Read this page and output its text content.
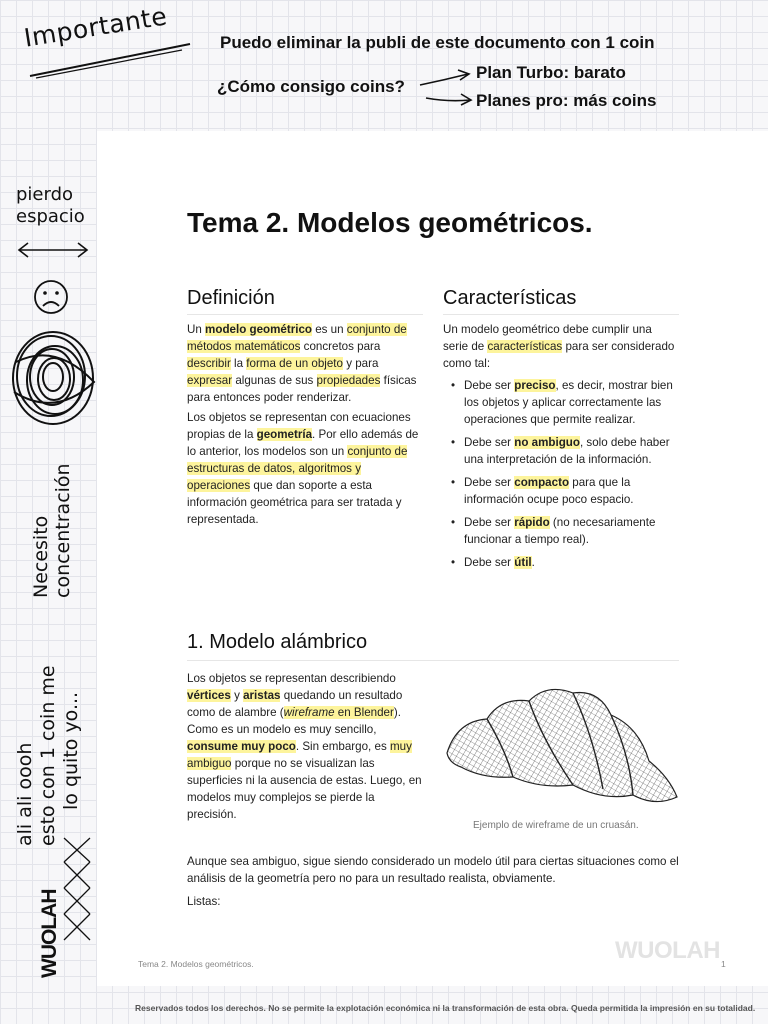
Importante	Puedo eliminar la publi de este documento con 1 coin
¿Cómo consigo coins?
Plan Turbo: barato
Planes pro: más coins
pierdo
espacio
Necesito concentración
ali ali oooh esto con 1 coin me lo quito yo...
WUOLAH
Tema 2. Modelos geométricos.
Definición

Un modelo geométrico es un conjunto de métodos matemáticos concretos para describir la forma de un objeto y para expresar algunas de sus propiedades físicas para entonces poder renderizar.

Los objetos se representan con ecuaciones propias de la geometría. Por ello además de lo anterior, los modelos son un conjunto de estructuras de datos, algoritmos y operaciones que dan soporte a esta información geométrica para ser tratada y representada.

Características

Un modelo geométrico debe cumplir una serie de características para ser considerado como tal:

• Debe ser preciso, es decir, mostrar bien los objetos y aplicar correctamente las operaciones que permite realizar.
• Debe ser no ambiguo, solo debe haber una interpretación de la información.
• Debe ser compacto para que la información ocupe poco espacio.
• Debe ser rápido (no necesariamente funcionar a tiempo real).
• Debe ser útil.
1. Modelo alámbrico

Los objetos se representan describiendo vértices y aristas quedando un resultado como de alambre (wireframe en Blender). Como es un modelo es muy sencillo, consume muy poco. Sin embargo, es muy ambiguo porque no se visualizan las superficies ni la ausencia de estas. Luego, en modelos muy complejos se pierde la precisión.

Ejemplo de wireframe de un cruasán.

Aunque sea ambiguo, sigue siendo considerado un modelo útil para ciertas situaciones como el análisis de la geometría pero no para un resultado realista, obviamente.

Listas:

WUOLAH
Tema 2. Modelos geométricos.	1
Reservados todos los derechos. No se permite la explotación económica ni la transformación de esta obra. Queda permitida la impresión en su totalidad.
